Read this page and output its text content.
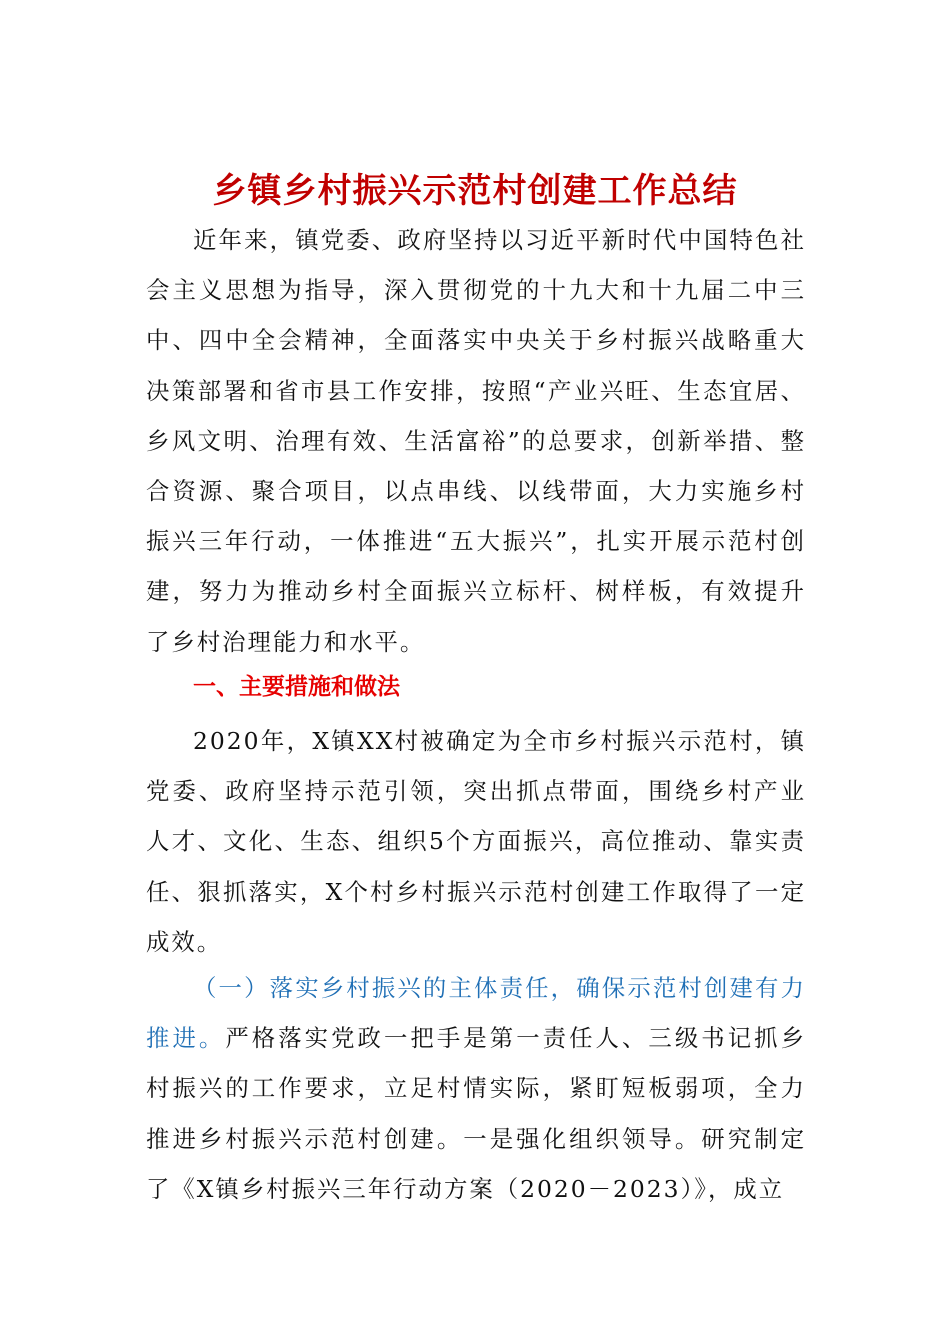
乡镇乡村振兴示范村创建工作总结

近年来，镇党委、政府坚持以习近平新时代中国特色社会主义思想为指导，深入贯彻党的十九大和十九届二中三中、四中全会精神，全面落实中央关于乡村振兴战略重大决策部署和省市县工作安排，按照“产业兴旺、生态宜居、乡风文明、治理有效、生活富裕”的总要求，创新举措、整合资源、聚合项目，以点串线、以线带面，大力实施乡村振兴三年行动，一体推进“五大振兴”，扎实开展示范村创建，努力为推动乡村全面振兴立标杆、树样板，有效提升了乡村治理能力和水平。

一、主要措施和做法

2020年，X镇XX村被确定为全市乡村振兴示范村，镇党委、政府坚持示范引领，突出抓点带面，围绕乡村产业人才、文化、生态、组织5个方面振兴，高位推动、靠实责任、狠抓落实，X个村乡村振兴示范村创建工作取得了一定成效。

（一）落实乡村振兴的主体责任，确保示范村创建有力推进。严格落实党政一把手是第一责任人、三级书记抓乡村振兴的工作要求，立足村情实际，紧盯短板弱项，全力推进乡村振兴示范村创建。一是强化组织领导。研究制定了《X镇乡村振兴三年行动方案（2020－2023）》，成立
